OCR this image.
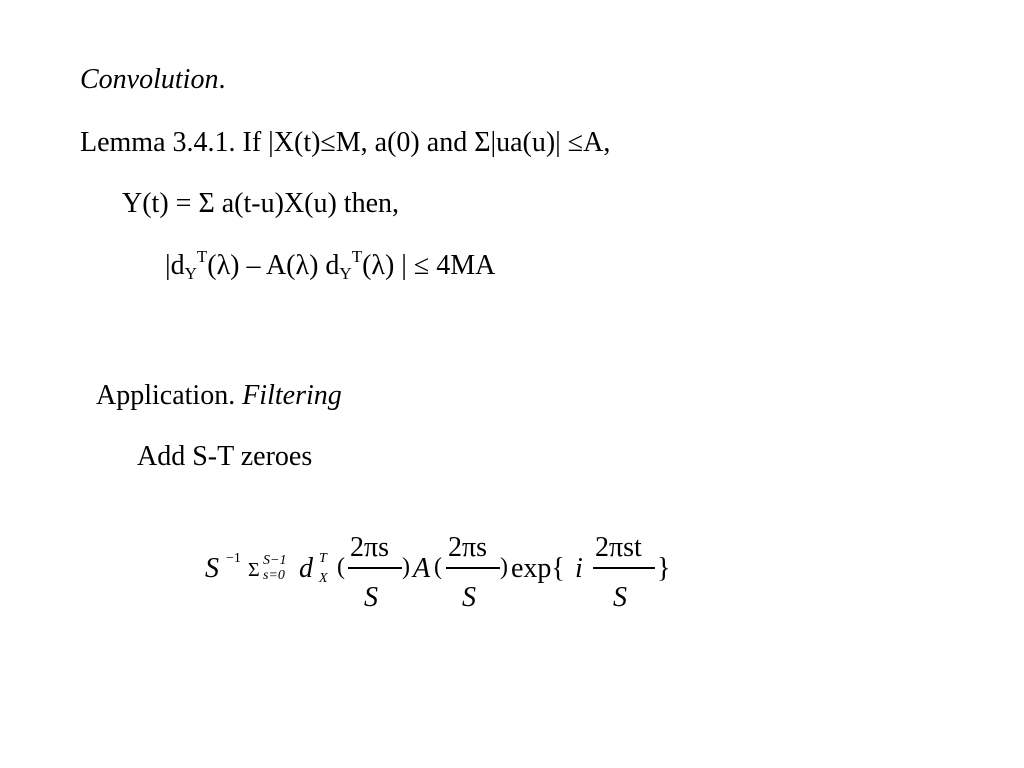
Convolution.
Lemma 3.4.1. If |X(t)≤M, a(0) and Σ|ua(u)| ≤A,
Y(t) = Σ a(t-u)X(u) then,
$|d_Y^T(\lambda) - A(\lambda)$ $d_Y^T(\lambda)$ | ≤ 4MA
Application. Filtering
Add S-T zeroes
S −1
Σ S−1
s=0 d T
X (
2πs
S
) A (
2πs
S
) exp{ i
2πst
S
}
